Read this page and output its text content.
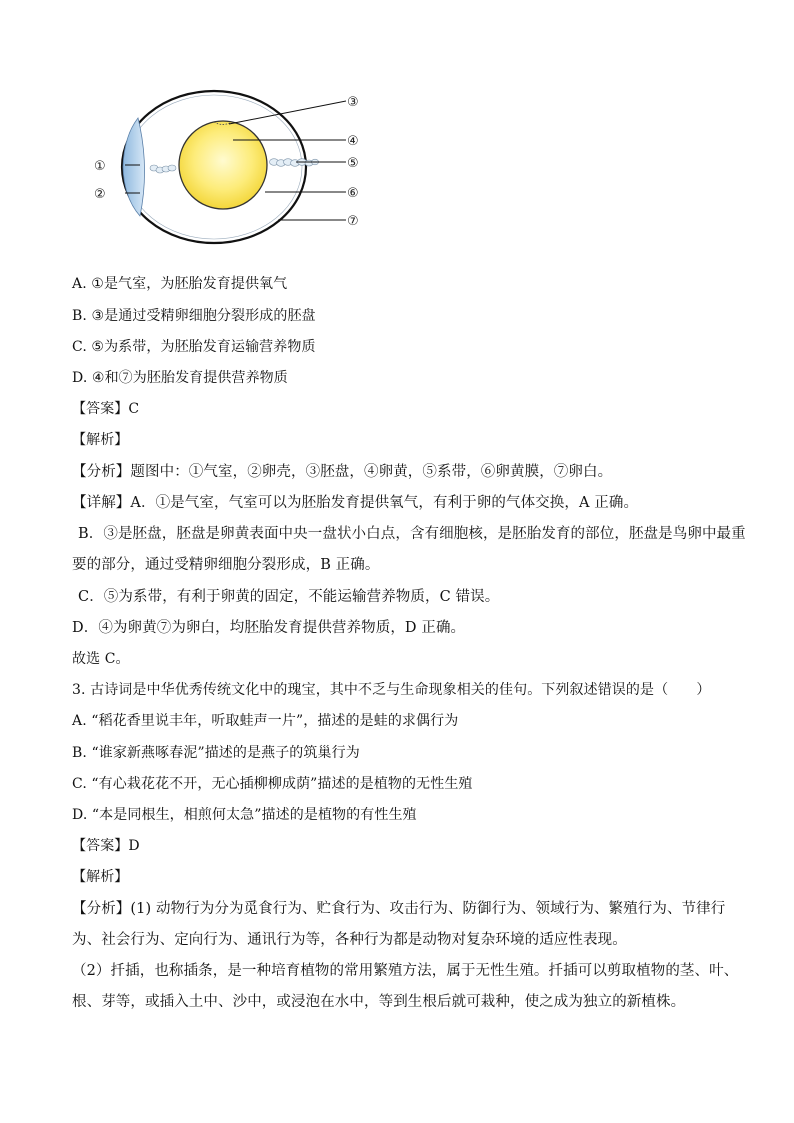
①
②
③
④
⑤
⑥
⑦
A. ①是气室，为胚胎发育提供氧气
B. ③是通过受精卵细胞分裂形成的胚盘
C. ⑤为系带，为胚胎发育运输营养物质
D. ④和⑦为胚胎发育提供营养物质
【答案】C
【解析】
【分析】题图中：①气室，②卵壳，③胚盘，④卵黄，⑤系带，⑥卵黄膜，⑦卵白。
【详解】A．①是气室，气室可以为胚胎发育提供氧气，有利于卵的气体交换，A 正确。
B．③是胚盘，胚盘是卵黄表面中央一盘状小白点，含有细胞核，是胚胎发育的部位，胚盘是鸟卵中最重
要的部分，通过受精卵细胞分裂形成，B 正确。
C．⑤为系带，有利于卵黄的固定，不能运输营养物质，C 错误。
D．④为卵黄⑦为卵白，均胚胎发育提供营养物质，D 正确。
故选 C。
3. 古诗词是中华优秀传统文化中的瑰宝，其中不乏与生命现象相关的佳句。下列叙述错误的是（　　）
A. “稻花香里说丰年，听取蛙声一片”，描述的是蛙的求偶行为
B. “谁家新燕啄春泥”描述的是燕子的筑巢行为
C. “有心栽花花不开，无心插柳柳成荫”描述的是植物的无性生殖
D. “本是同根生，相煎何太急”描述的是植物的有性生殖
【答案】D
【解析】
【分析】(1) 动物行为分为觅食行为、贮食行为、攻击行为、防御行为、领域行为、繁殖行为、节律行
为、社会行为、定向行为、通讯行为等，各种行为都是动物对复杂环境的适应性表现。
（2）扦插，也称插条，是一种培育植物的常用繁殖方法，属于无性生殖。扦插可以剪取植物的茎、叶、
根、芽等，或插入土中、沙中，或浸泡在水中，等到生根后就可栽种，使之成为独立的新植株。
